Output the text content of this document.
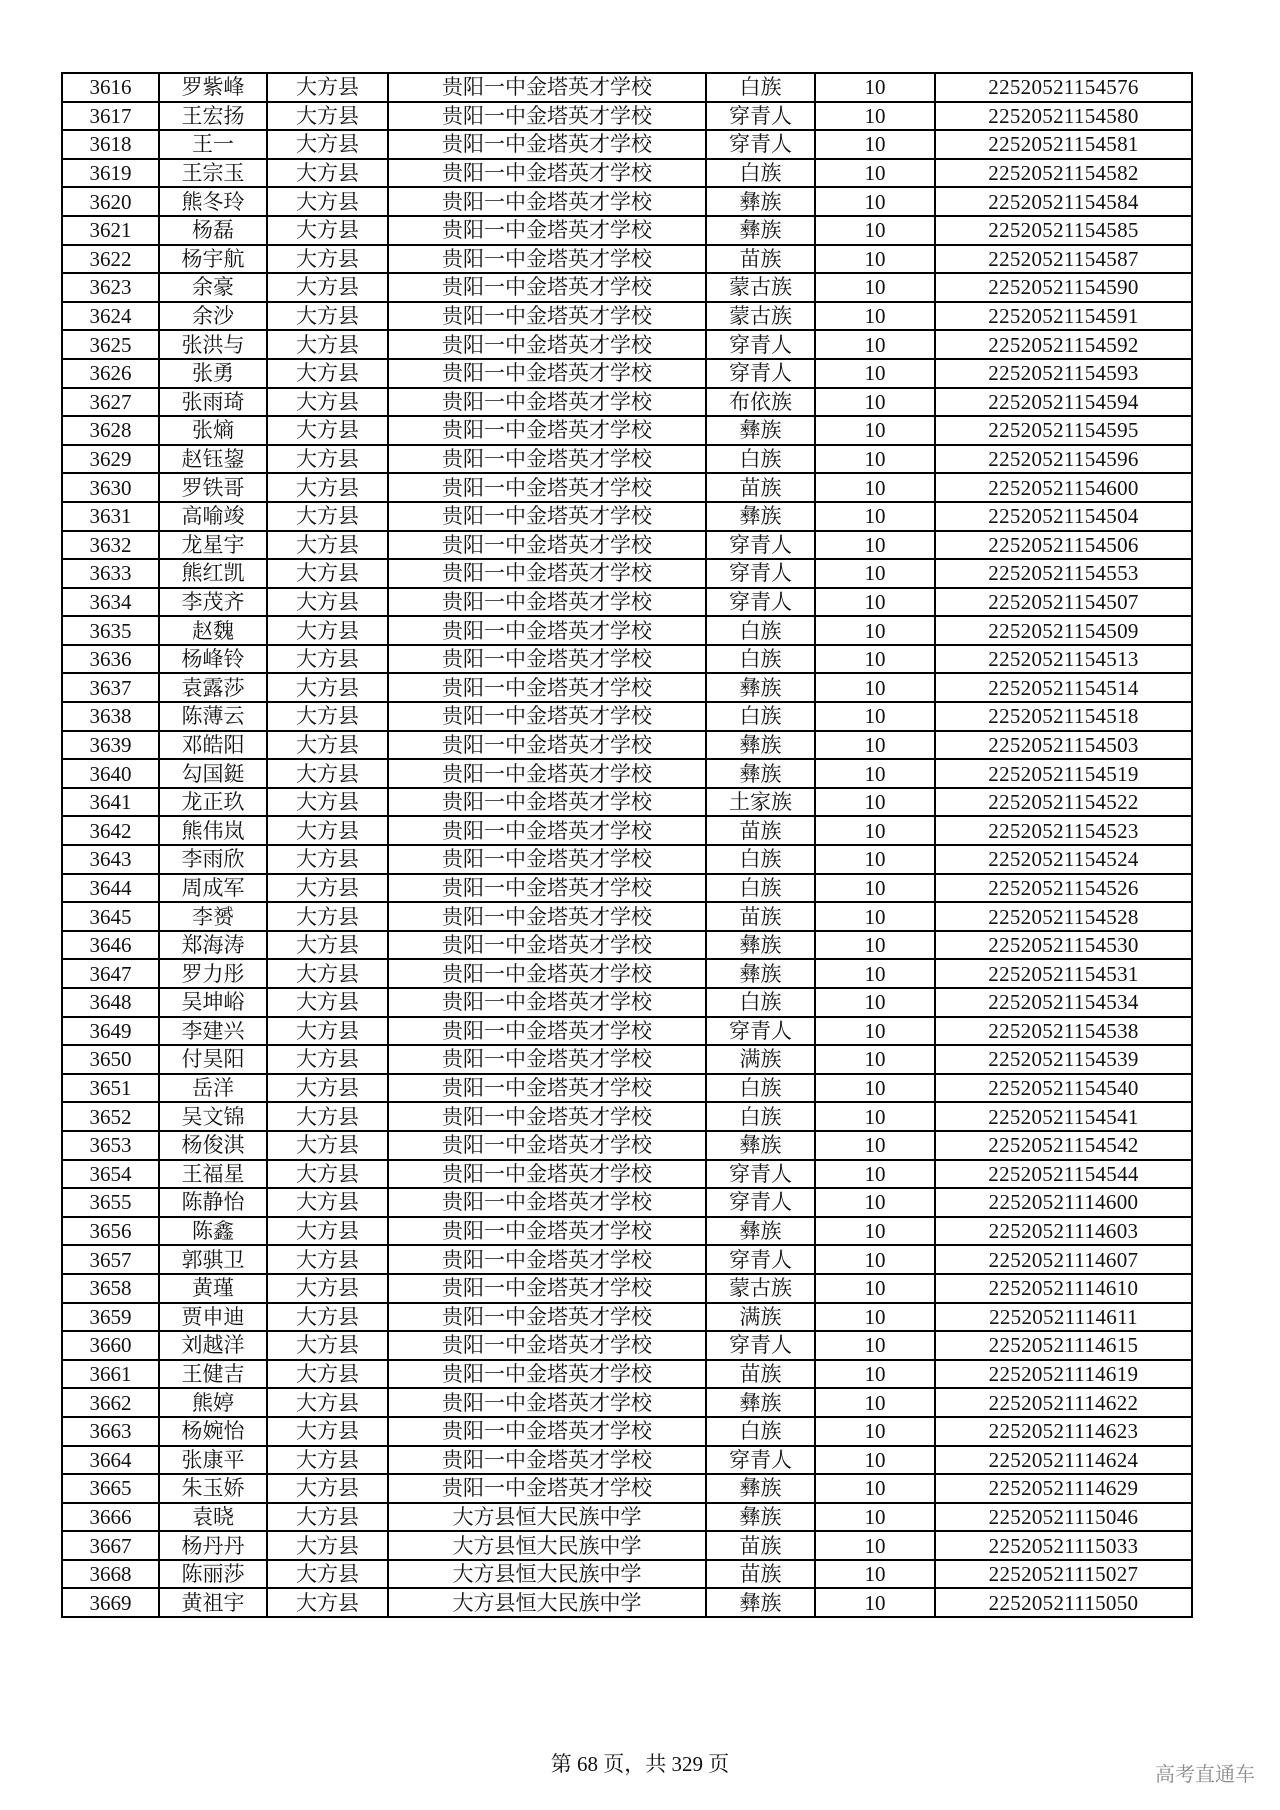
3616	罗紫峰	大方县	贵阳一中金塔英才学校	白族	10	22520521154576
3617	王宏扬	大方县	贵阳一中金塔英才学校	穿青人	10	22520521154580
3618	王一	大方县	贵阳一中金塔英才学校	穿青人	10	22520521154581
3619	王宗玉	大方县	贵阳一中金塔英才学校	白族	10	22520521154582
3620	熊冬玲	大方县	贵阳一中金塔英才学校	彝族	10	22520521154584
3621	杨磊	大方县	贵阳一中金塔英才学校	彝族	10	22520521154585
3622	杨宇航	大方县	贵阳一中金塔英才学校	苗族	10	22520521154587
3623	余豪	大方县	贵阳一中金塔英才学校	蒙古族	10	22520521154590
3624	余沙	大方县	贵阳一中金塔英才学校	蒙古族	10	22520521154591
3625	张洪与	大方县	贵阳一中金塔英才学校	穿青人	10	22520521154592
3626	张勇	大方县	贵阳一中金塔英才学校	穿青人	10	22520521154593
3627	张雨琦	大方县	贵阳一中金塔英才学校	布依族	10	22520521154594
3628	张熵	大方县	贵阳一中金塔英才学校	彝族	10	22520521154595
3629	赵钰鋆	大方县	贵阳一中金塔英才学校	白族	10	22520521154596
3630	罗铁哥	大方县	贵阳一中金塔英才学校	苗族	10	22520521154600
3631	高喻竣	大方县	贵阳一中金塔英才学校	彝族	10	22520521154504
3632	龙星宇	大方县	贵阳一中金塔英才学校	穿青人	10	22520521154506
3633	熊红凯	大方县	贵阳一中金塔英才学校	穿青人	10	22520521154553
3634	李茂齐	大方县	贵阳一中金塔英才学校	穿青人	10	22520521154507
3635	赵魏	大方县	贵阳一中金塔英才学校	白族	10	22520521154509
3636	杨峰铃	大方县	贵阳一中金塔英才学校	白族	10	22520521154513
3637	袁露莎	大方县	贵阳一中金塔英才学校	彝族	10	22520521154514
3638	陈薄云	大方县	贵阳一中金塔英才学校	白族	10	22520521154518
3639	邓皓阳	大方县	贵阳一中金塔英才学校	彝族	10	22520521154503
3640	勾国鋌	大方县	贵阳一中金塔英才学校	彝族	10	22520521154519
3641	龙正玖	大方县	贵阳一中金塔英才学校	土家族	10	22520521154522
3642	熊伟岚	大方县	贵阳一中金塔英才学校	苗族	10	22520521154523
3643	李雨欣	大方县	贵阳一中金塔英才学校	白族	10	22520521154524
3644	周成军	大方县	贵阳一中金塔英才学校	白族	10	22520521154526
3645	李赟	大方县	贵阳一中金塔英才学校	苗族	10	22520521154528
3646	郑海涛	大方县	贵阳一中金塔英才学校	彝族	10	22520521154530
3647	罗力彤	大方县	贵阳一中金塔英才学校	彝族	10	22520521154531
3648	吴坤峪	大方县	贵阳一中金塔英才学校	白族	10	22520521154534
3649	李建兴	大方县	贵阳一中金塔英才学校	穿青人	10	22520521154538
3650	付昊阳	大方县	贵阳一中金塔英才学校	满族	10	22520521154539
3651	岳洋	大方县	贵阳一中金塔英才学校	白族	10	22520521154540
3652	吴文锦	大方县	贵阳一中金塔英才学校	白族	10	22520521154541
3653	杨俊淇	大方县	贵阳一中金塔英才学校	彝族	10	22520521154542
3654	王福星	大方县	贵阳一中金塔英才学校	穿青人	10	22520521154544
3655	陈静怡	大方县	贵阳一中金塔英才学校	穿青人	10	22520521114600
3656	陈鑫	大方县	贵阳一中金塔英才学校	彝族	10	22520521114603
3657	郭骐卫	大方县	贵阳一中金塔英才学校	穿青人	10	22520521114607
3658	黄瑾	大方县	贵阳一中金塔英才学校	蒙古族	10	22520521114610
3659	贾申迪	大方县	贵阳一中金塔英才学校	满族	10	22520521114611
3660	刘越洋	大方县	贵阳一中金塔英才学校	穿青人	10	22520521114615
3661	王健吉	大方县	贵阳一中金塔英才学校	苗族	10	22520521114619
3662	熊婷	大方县	贵阳一中金塔英才学校	彝族	10	22520521114622
3663	杨婉怡	大方县	贵阳一中金塔英才学校	白族	10	22520521114623
3664	张康平	大方县	贵阳一中金塔英才学校	穿青人	10	22520521114624
3665	朱玉娇	大方县	贵阳一中金塔英才学校	彝族	10	22520521114629
3666	袁晓	大方县	大方县恒大民族中学	彝族	10	22520521115046
3667	杨丹丹	大方县	大方县恒大民族中学	苗族	10	22520521115033
3668	陈丽莎	大方县	大方县恒大民族中学	苗族	10	22520521115027
3669	黄祖宇	大方县	大方县恒大民族中学	彝族	10	22520521115050
第 68 页，共 329 页	高考直通车
